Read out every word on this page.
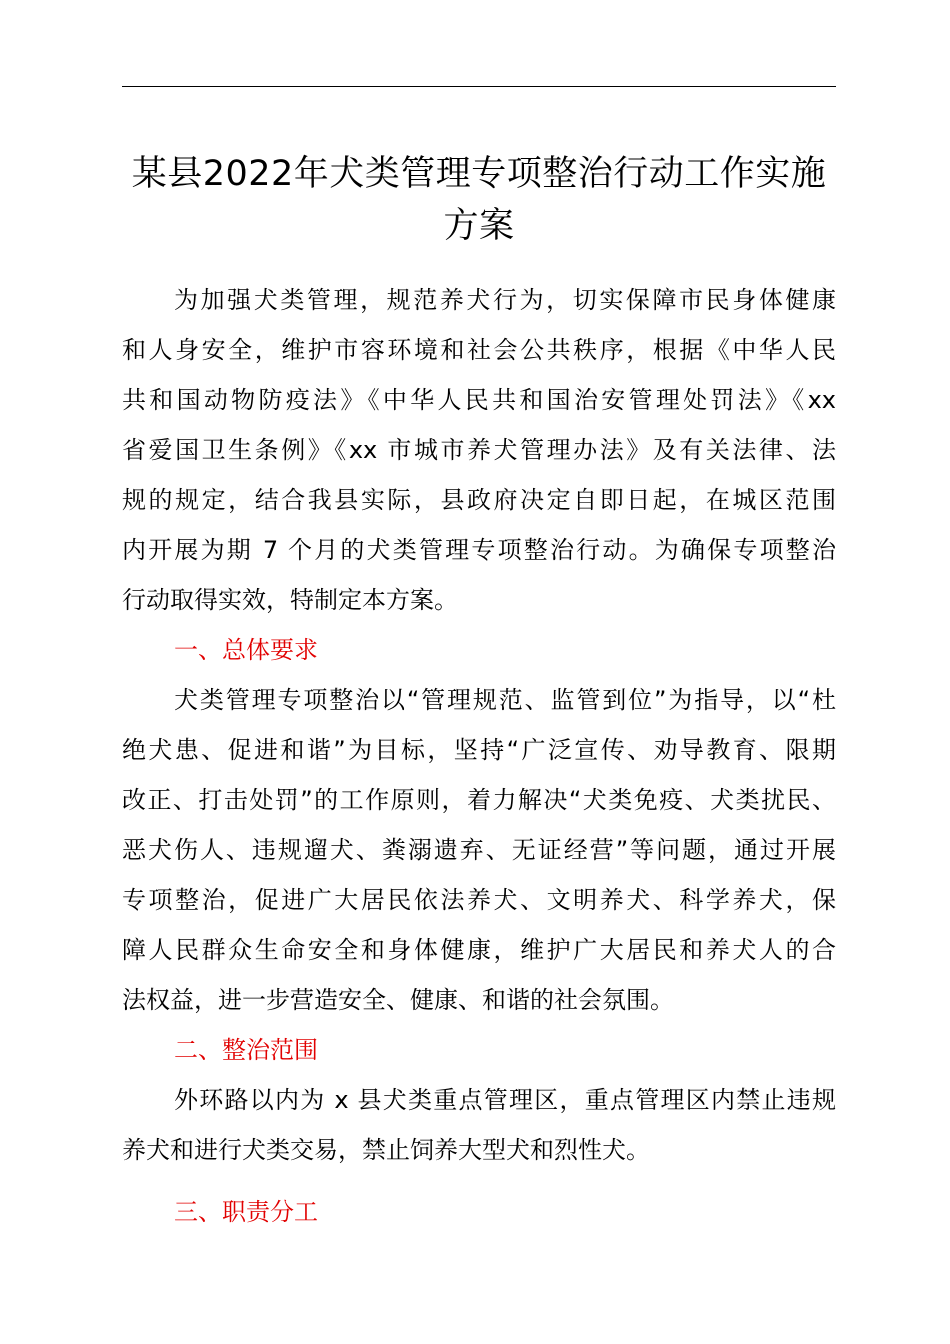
某县2022年犬类管理专项整治行动工作实施
方案

为加强犬类管理，规范养犬行为，切实保障市民身体健康
和人身安全，维护市容环境和社会公共秩序，根据《中华人民
共和国动物防疫法》《中华人民共和国治安管理处罚法》《xx
省爱国卫生条例》《xx 市城市养犬管理办法》及有关法律、法
规的规定，结合我县实际，县政府决定自即日起，在城区范围
内开展为期 7 个月的犬类管理专项整治行动。为确保专项整治
行动取得实效，特制定本方案。

一、总体要求

犬类管理专项整治以“管理规范、监管到位”为指导，以“杜
绝犬患、促进和谐”为目标，坚持“广泛宣传、劝导教育、限期
改正、打击处罚”的工作原则，着力解决“犬类免疫、犬类扰民、
恶犬伤人、违规遛犬、粪溺遗弃、无证经营”等问题，通过开展
专项整治，促进广大居民依法养犬、文明养犬、科学养犬，保
障人民群众生命安全和身体健康，维护广大居民和养犬人的合
法权益，进一步营造安全、健康、和谐的社会氛围。

二、整治范围

外环路以内为 x 县犬类重点管理区，重点管理区内禁止违规
养犬和进行犬类交易，禁止饲养大型犬和烈性犬。

三、职责分工
